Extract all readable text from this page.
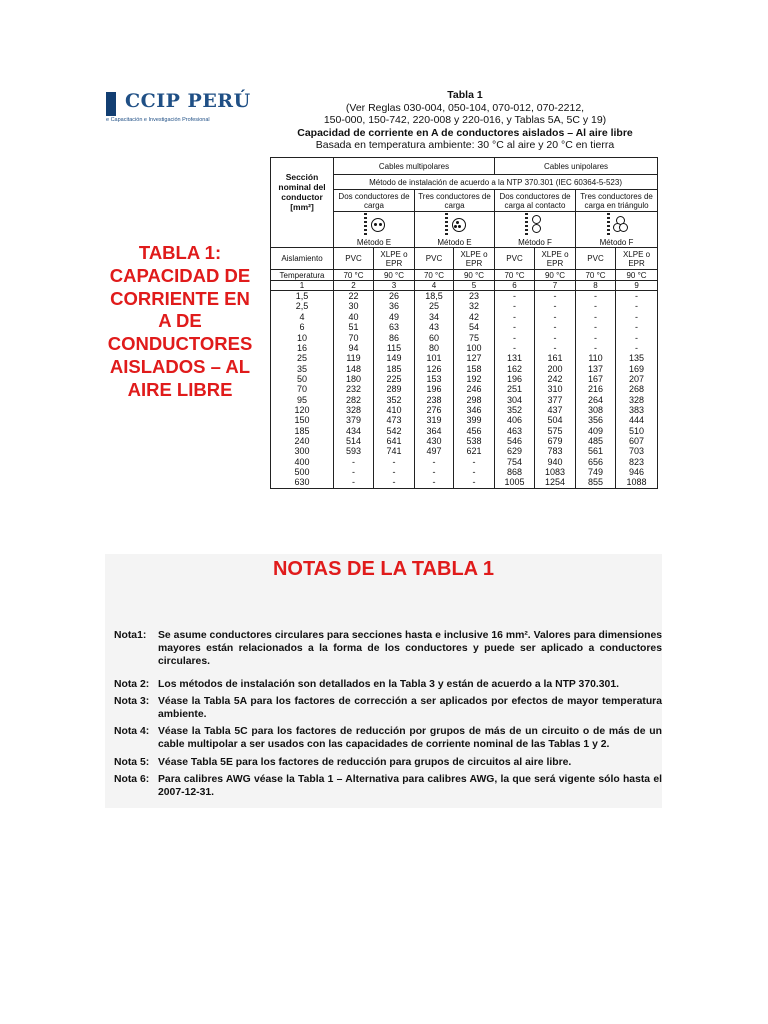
CCIP PERÚ
e Capacitación e Investigación Profesional
TABLA 1:
CAPACIDAD DE
CORRIENTE EN
A DE
CONDUCTORES
AISLADOS – AL
AIRE LIBRE
Tabla 1
(Ver Reglas 030-004, 050-104, 070-012, 070-2212,
150-000, 150-742, 220-008 y 220-016, y Tablas 5A, 5C y 19)
Capacidad de corriente en A de conductores aislados – Al aire libre
Basada en temperatura ambiente: 30 °C al aire y 20 °C en tierra
Sección nominal del conductor [mm²]	Cables multipolares				Cables unipolares			
	Método de instalación de acuerdo a la NTP 370.301 (IEC 60364-5-523)							
	Dos conductores de carga		Tres conductores de carga		Dos conductores de carga al contacto		Tres conductores de carga en triángulo	

Método E		Método E		Método F		Método F	
Aislamiento	PVC	XLPE o EPR	PVC	XLPE o EPR	PVC	XLPE o EPR	PVC	XLPE o EPR
Temperatura	70 °C	90 °C	70 °C	90 °C	70 °C	90 °C	70 °C	90 °C
1	2	3	4	5	6	7	8	9
1,5	22	26	18,5	23	-	-	-	-
2,5	30	36	25	32	-	-	-	-
4	40	49	34	42	-	-	-	-
6	51	63	43	54	-	-	-	-
10	70	86	60	75	-	-	-	-
16	94	115	80	100	-	-	-	-
25	119	149	101	127	131	161	110	135
35	148	185	126	158	162	200	137	169
50	180	225	153	192	196	242	167	207
70	232	289	196	246	251	310	216	268
95	282	352	238	298	304	377	264	328
120	328	410	276	346	352	437	308	383
150	379	473	319	399	406	504	356	444
185	434	542	364	456	463	575	409	510
240	514	641	430	538	546	679	485	607
300	593	741	497	621	629	783	561	703
400	-	-	-	-	754	940	656	823
500	-	-	-	-	868	1083	749	946
630	-	-	-	-	1005	1254	855	1088
NOTAS DE LA TABLA 1
Nota1:	Se asume conductores circulares para secciones hasta e inclusive 16 mm². Valores para dimensiones mayores están relacionados a la forma de los conductores y puede ser aplicado a conductores circulares.
Nota 2: Los métodos de instalación son detallados en la Tabla 3 y están de acuerdo a la NTP 370.301.
Nota 3: Véase la Tabla 5A para los factores de corrección a ser aplicados por efectos de mayor temperatura ambiente.
Nota 4: Véase la Tabla 5C para los factores de reducción por grupos de más de un circuito o de más de un cable multipolar a ser usados con las capacidades de corriente nominal de las Tablas 1 y 2.
Nota 5: Véase Tabla 5E para los factores de reducción para grupos de circuitos al aire libre.
Nota 6: Para calibres AWG véase la Tabla 1 – Alternativa para calibres AWG, la que será vigente sólo hasta el 2007-12-31.
